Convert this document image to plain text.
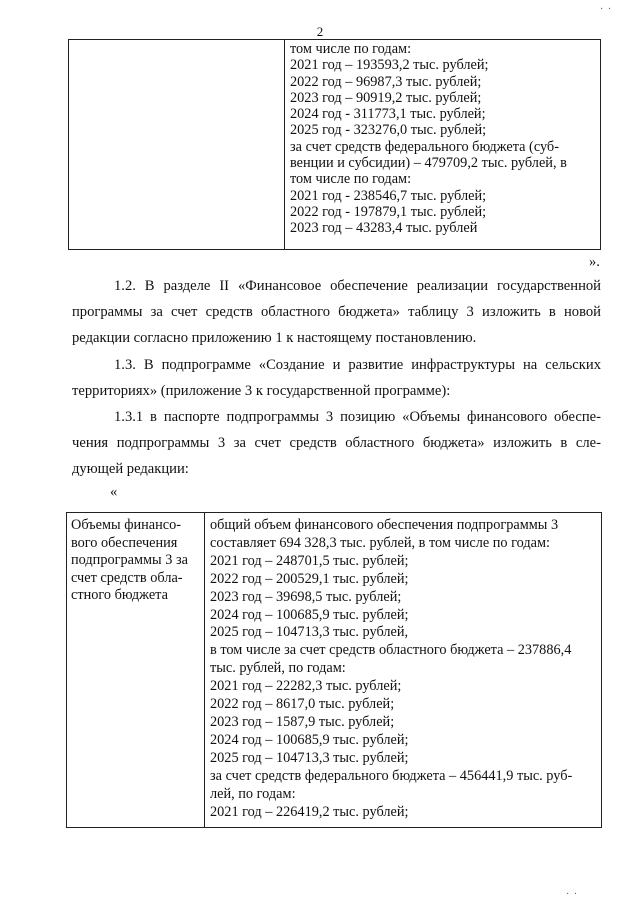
· ·
2

том числе по годам:
2021 год – 193593,2 тыс. рублей;
2022 год – 96987,3 тыс. рублей;
2023 год – 90919,2 тыс. рублей;
2024 год - 311773,1 тыс. рублей;
2025 год - 323276,0 тыс. рублей;
за счет средств федерального бюджета (суб-
венции и субсидии) – 479709,2 тыс. рублей, в
том числе по годам:
2021 год - 238546,7 тыс. рублей;
2022 год - 197879,1 тыс. рублей;
2023 год – 43283,4 тыс. рублей
».
1.2. В разделе II «Финансовое обеспечение реализации государственной
программы за счет средств областного бюджета» таблицу 3 изложить в новой
редакции согласно приложению 1 к настоящему постановлению.
1.3. В подпрограмме «Создание и развитие инфраструктуры на сельских
территориях» (приложение 3 к государственной программе):
1.3.1 в паспорте подпрограммы 3 позицию «Объемы финансового обеспе-
чения подпрограммы 3 за счет средств областного бюджета» изложить в сле-
дующей редакции:
«
Объемы финансо-
вого обеспечения
подпрограммы 3 за
счет средств обла-
стного бюджета

общий объем финансового обеспечения подпрограммы 3
составляет 694 328,3 тыс. рублей, в том числе по годам:
2021 год – 248701,5 тыс. рублей;
2022 год – 200529,1 тыс. рублей;
2023 год – 39698,5 тыс. рублей;
2024 год – 100685,9 тыс. рублей;
2025 год – 104713,3 тыс. рублей,
в том числе за счет средств областного бюджета – 237886,4
тыс. рублей, по годам:
2021 год – 22282,3 тыс. рублей;
2022 год – 8617,0 тыс. рублей;
2023 год – 1587,9 тыс. рублей;
2024 год – 100685,9 тыс. рублей;
2025 год – 104713,3 тыс. рублей;
за счет средств федерального бюджета – 456441,9 тыс. руб-
лей, по годам:
2021 год – 226419,2 тыс. рублей;
· ·
